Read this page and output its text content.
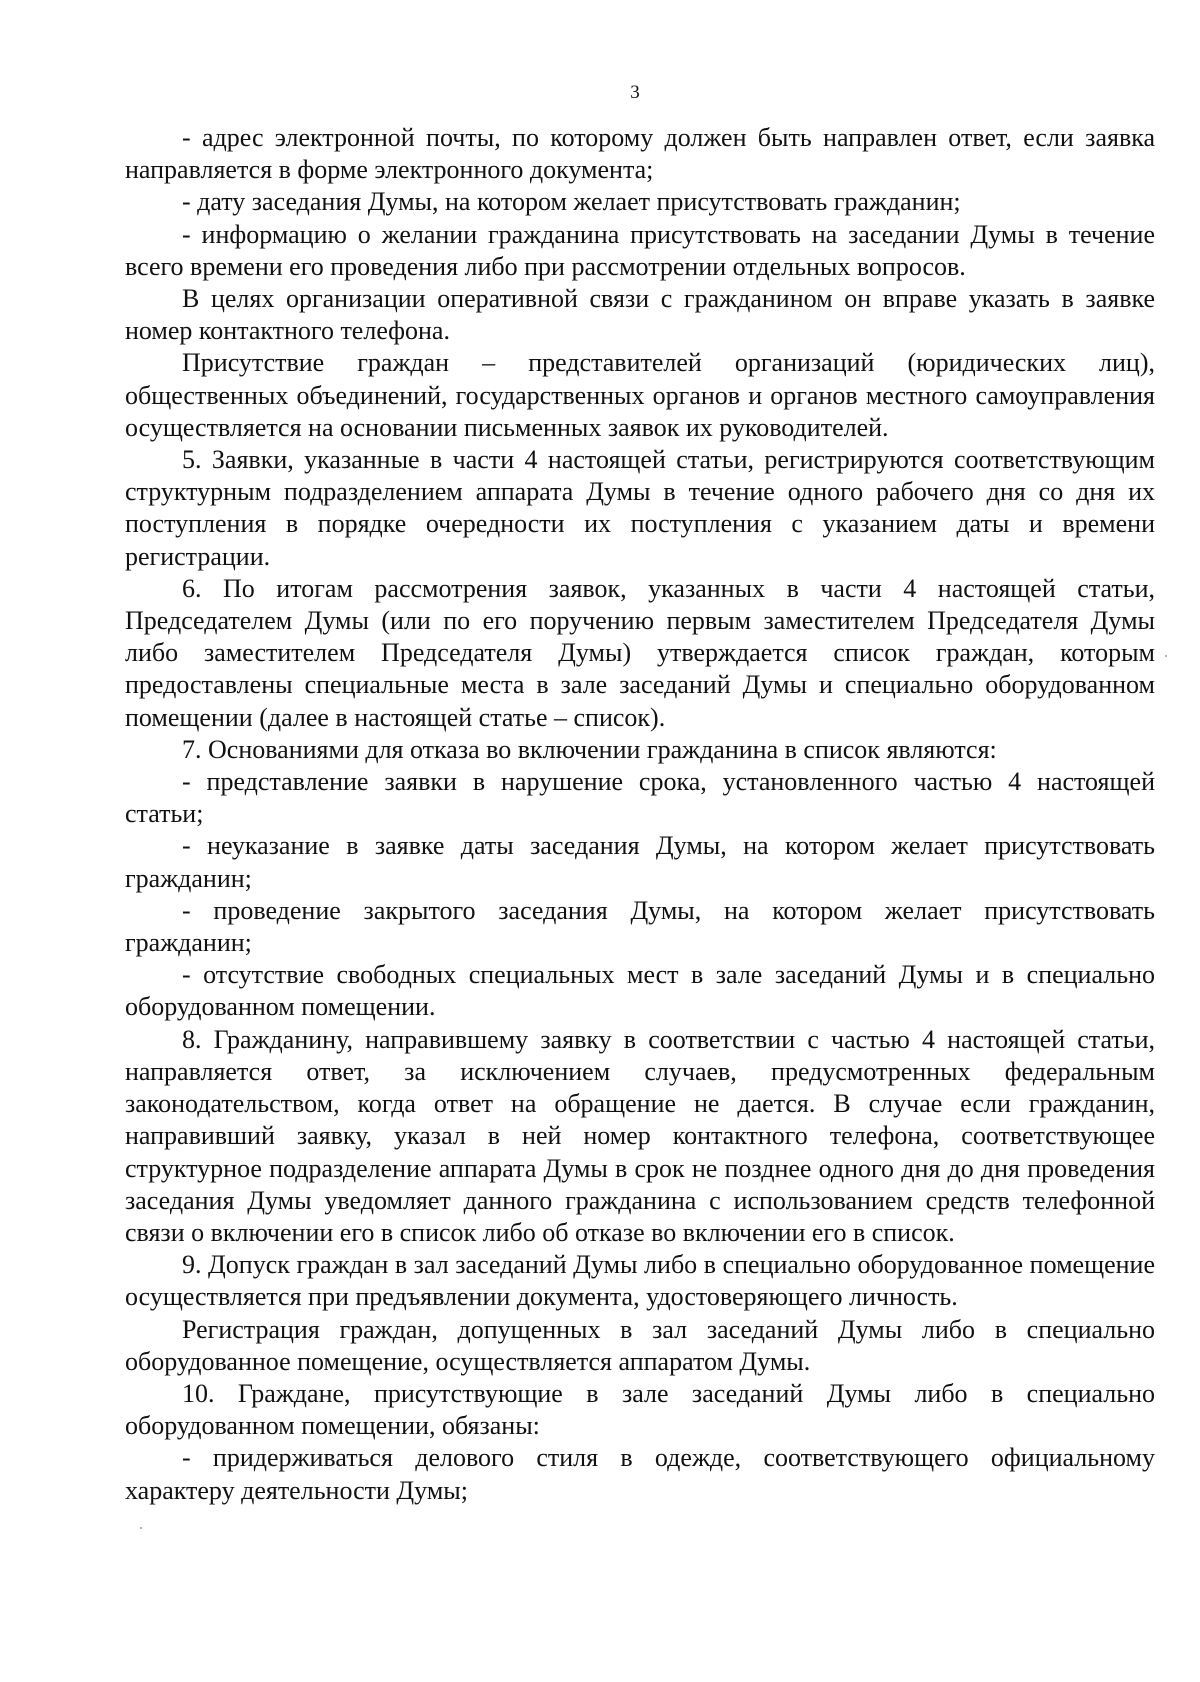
3

- адрес электронной почты, по которому должен быть направлен ответ, если заявка направляется в форме электронного документа;

- дату заседания Думы, на котором желает присутствовать гражданин;

- информацию о желании гражданина присутствовать на заседании Думы в течение всего времени его проведения либо при рассмотрении отдельных вопросов.

В целях организации оперативной связи с гражданином он вправе указать в заявке номер контактного телефона.

Присутствие граждан – представителей организаций (юридических лиц), общественных объединений, государственных органов и органов местного самоуправления осуществляется на основании письменных заявок их руководителей.

5. Заявки, указанные в части 4 настоящей статьи, регистрируются соответствующим структурным подразделением аппарата Думы в течение одного рабочего дня со дня их поступления в порядке очередности их поступления с указанием даты и времени регистрации.

6. По итогам рассмотрения заявок, указанных в части 4 настоящей статьи, Председателем Думы (или по его поручению первым заместителем Председателя Думы либо заместителем Председателя Думы) утверждается список граждан, которым предоставлены специальные места в зале заседаний Думы и специально оборудованном помещении (далее в настоящей статье – список).

7. Основаниями для отказа во включении гражданина в список являются:

- представление заявки в нарушение срока, установленного частью 4 настоящей статьи;

- неуказание в заявке даты заседания Думы, на котором желает присутствовать гражданин;

- проведение закрытого заседания Думы, на котором желает присутствовать гражданин;

- отсутствие свободных специальных мест в зале заседаний Думы и в специально оборудованном помещении.

8. Гражданину, направившему заявку в соответствии с частью 4 настоящей статьи, направляется ответ, за исключением случаев, предусмотренных федеральным законодательством, когда ответ на обращение не дается. В случае если гражданин, направивший заявку, указал в ней номер контактного телефона, соответствующее структурное подразделение аппарата Думы в срок не позднее одного дня до дня проведения заседания Думы уведомляет данного гражданина с использованием средств телефонной связи о включении его в список либо об отказе во включении его в список.

9. Допуск граждан в зал заседаний Думы либо в специально оборудованное помещение осуществляется при предъявлении документа, удостоверяющего личность.

Регистрация граждан, допущенных в зал заседаний Думы либо в специально оборудованное помещение, осуществляется аппаратом Думы.

10. Граждане, присутствующие в зале заседаний Думы либо в специально оборудованном помещении, обязаны:

- придерживаться делового стиля в одежде, соответствующего официальному характеру деятельности Думы;
